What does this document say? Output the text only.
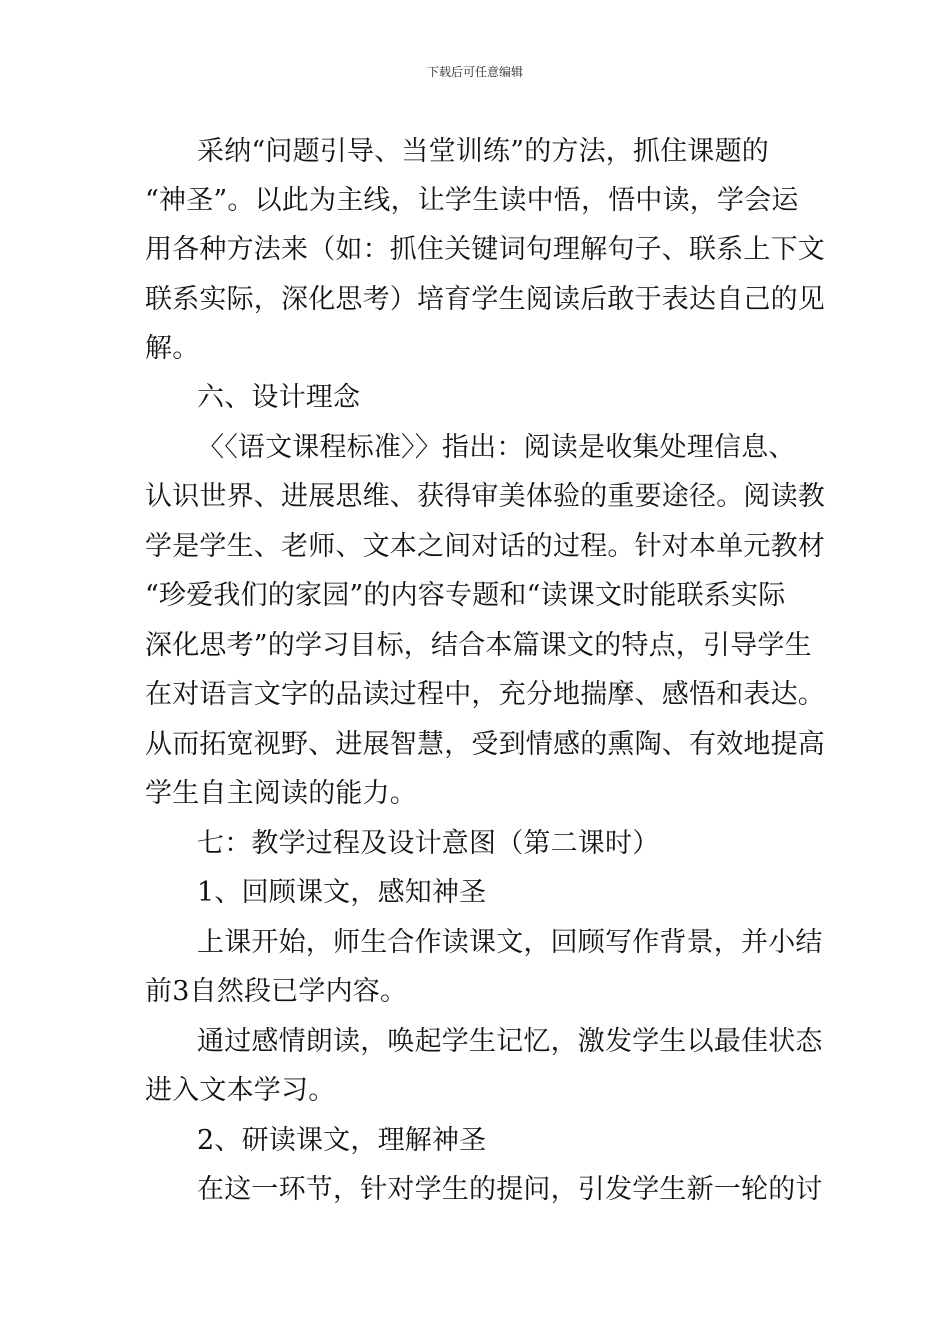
下载后可任意编辑
采纳“问题引导、当堂训练”的方法，抓住课题的
“神圣”。以此为主线，让学生读中悟，悟中读，学会运
用各种方法来（如：抓住关键词句理解句子、联系上下文
联系实际，深化思考）培育学生阅读后敢于表达自己的见
解。
六、设计理念
〈〈语文课程标准〉〉指出：阅读是收集处理信息、
认识世界、进展思维、获得审美体验的重要途径。阅读教
学是学生、老师、文本之间对话的过程。针对本单元教材
“珍爱我们的家园”的内容专题和“读课文时能联系实际
深化思考”的学习目标，结合本篇课文的特点，引导学生
在对语言文字的品读过程中，充分地揣摩、感悟和表达。
从而拓宽视野、进展智慧，受到情感的熏陶、有效地提高
学生自主阅读的能力。
七：教学过程及设计意图（第二课时）
1、回顾课文，感知神圣
上课开始，师生合作读课文，回顾写作背景，并小结
前3自然段已学内容。
通过感情朗读，唤起学生记忆，激发学生以最佳状态
进入文本学习。
2、研读课文，理解神圣
在这一环节，针对学生的提问，引发学生新一轮的讨
